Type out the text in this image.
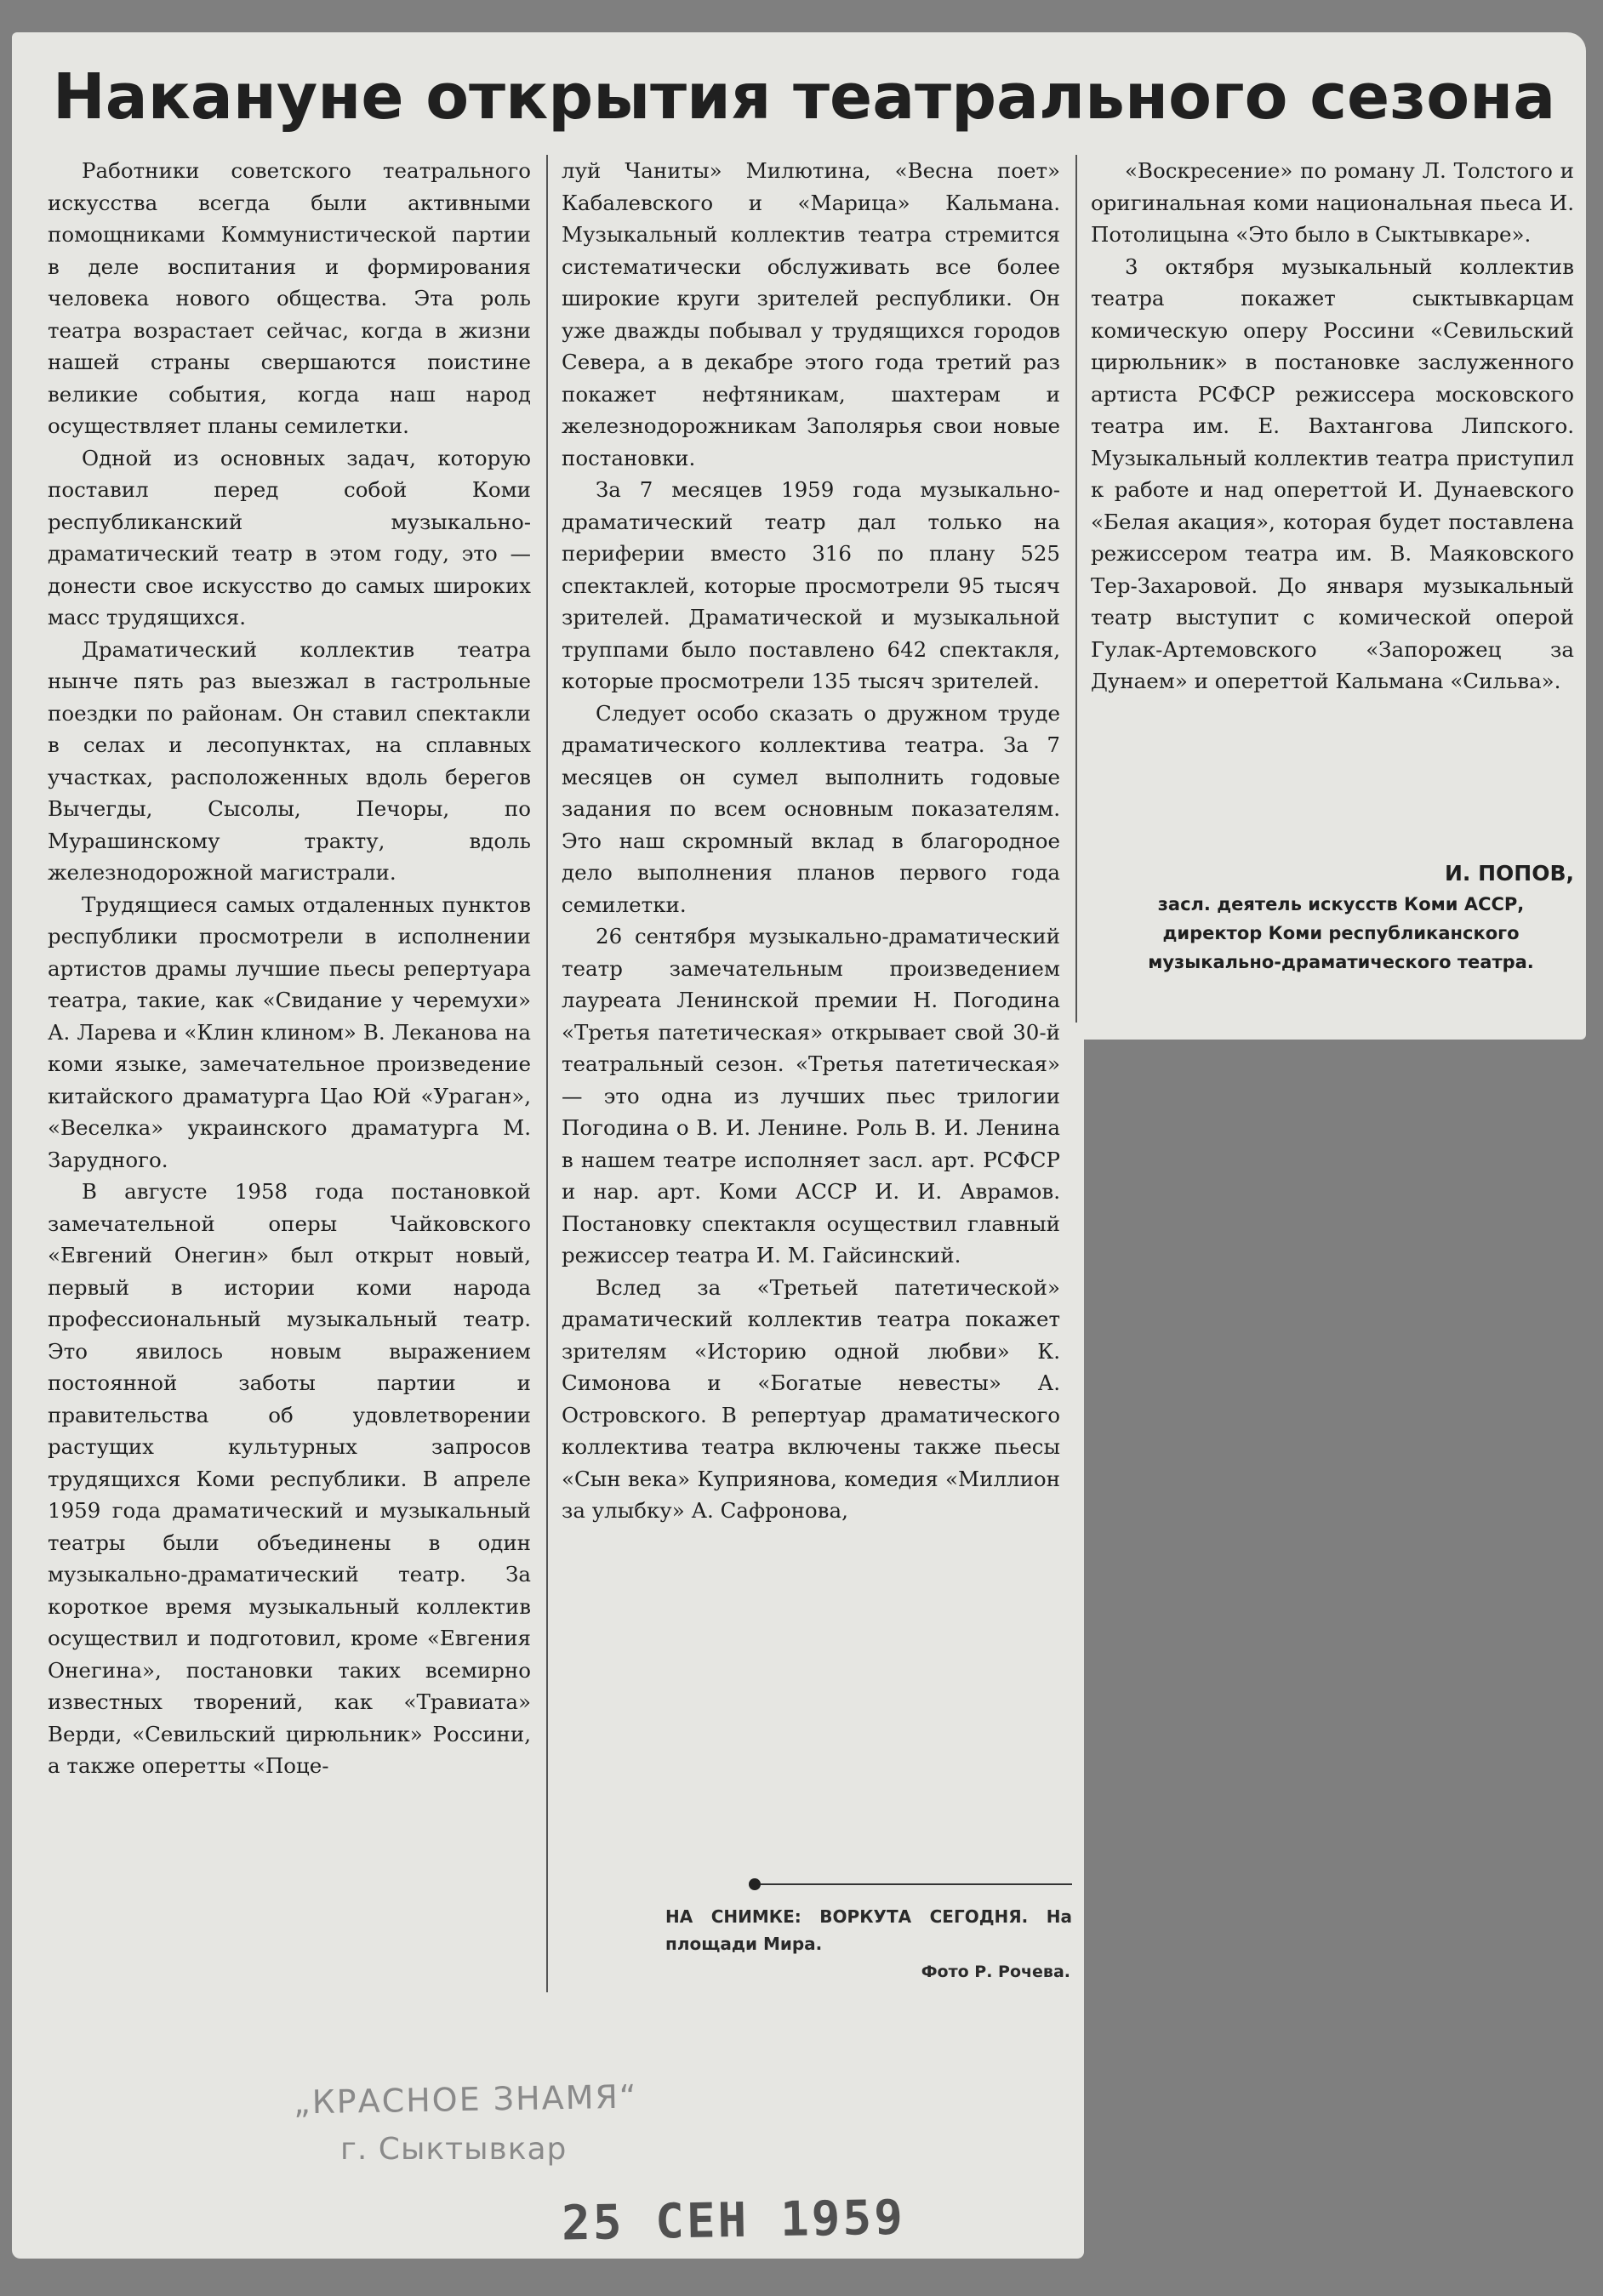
Накануне открытия театрального сезона

Работники советского театрального искусства всегда были активными помощниками Коммунистической партии в деле воспитания и формирования человека нового общества. Эта роль театра возрастает сейчас, когда в жизни нашей страны свершаются поистине великие события, когда наш народ осуществляет планы семилетки.

Одной из основных задач, которую поставил перед собой Коми республиканский музыкально-драматический театр в этом году, это — донести свое искусство до самых широких масс трудящихся.

Драматический коллектив театра нынче пять раз выезжал в гастрольные поездки по районам. Он ставил спектакли в селах и лесопунктах, на сплавных участках, расположенных вдоль берегов Вычегды, Сысолы, Печоры, по Мурашинскому тракту, вдоль железнодорожной магистрали.

Трудящиеся самых отдаленных пунктов республики просмотрели в исполнении артистов драмы лучшие пьесы репертуара театра, такие, как «Свидание у черемухи» А. Ларева и «Клин клином» В. Леканова на коми языке, замечательное произведение китайского драматурга Цао Юй «Ураган», «Веселка» украинского драматурга М. Зарудного.

В августе 1958 года постановкой замечательной оперы Чайковского «Евгений Онегин» был открыт новый, первый в истории коми народа профессиональный музыкальный театр. Это явилось новым выражением постоянной заботы партии и правительства об удовлетворении растущих культурных запросов трудящихся Коми республики. В апреле 1959 года драматический и музыкальный театры были объединены в один музыкально-драматический театр. За короткое время музыкальный коллектив осуществил и подготовил, кроме «Евгения Онегина», постановки таких всемирно известных творений, как «Травиата» Верди, «Севильский цирюльник» Россини, а также оперетты «Поце-

луй Чаниты» Милютина, «Весна поет» Кабалевского и «Марица» Кальмана. Музыкальный коллектив театра стремится систематически обслуживать все более широкие круги зрителей республики. Он уже дважды побывал у трудящихся городов Севера, а в декабре этого года третий раз покажет нефтяникам, шахтерам и железнодорожникам Заполярья свои новые постановки.

За 7 месяцев 1959 года музыкально-драматический театр дал только на периферии вместо 316 по плану 525 спектаклей, которые просмотрели 95 тысяч зрителей. Драматической и музыкальной труппами было поставлено 642 спектакля, которые просмотрели 135 тысяч зрителей.

Следует особо сказать о дружном труде драматического коллектива театра. За 7 месяцев он сумел выполнить годовые задания по всем основным показателям. Это наш скромный вклад в благородное дело выполнения планов первого года семилетки.

26 сентября музыкально-драматический театр замечательным произведением лауреата Ленинской премии Н. Погодина «Третья патетическая» открывает свой 30-й театральный сезон. «Третья патетическая» — это одна из лучших пьес трилогии Погодина о В. И. Ленине. Роль В. И. Ленина в нашем театре исполняет засл. арт. РСФСР и нар. арт. Коми АССР И. И. Аврамов. Постановку спектакля осуществил главный режиссер театра И. М. Гайсинский.

Вслед за «Третьей патетической» драматический коллектив театра покажет зрителям «Историю одной любви» К. Симонова и «Богатые невесты» А. Островского. В репертуар драматического коллектива театра включены также пьесы «Сын века» Куприянова, комедия «Миллион за улыбку» А. Сафронова,

«Воскресение» по роману Л. Толстого и оригинальная коми национальная пьеса И. Потолицына «Это было в Сыктывкаре».

3 октября музыкальный коллектив театра покажет сыктывкарцам комическую оперу Россини «Севильский цирюльник» в постановке заслуженного артиста РСФСР режиссера московского театра им. Е. Вахтангова Липского. Музыкальный коллектив театра приступил к работе и над опереттой И. Дунаевского «Белая акация», которая будет поставлена режиссером театра им. В. Маяковского Тер-Захаровой. До января музыкальный театр выступит с комической оперой Гулак-Артемовского «Запорожец за Дунаем» и опереттой Кальмана «Сильва».

И. ПОПОВ,
засл. деятель искусств Коми АССР, директор Коми республиканского музыкально-драматического театра.
НА СНИМКЕ: ВОРКУТА СЕГОДНЯ. На площади Мира.
Фото Р. Рочева.
„КРАСНОЕ ЗНАМЯ“
г. Сыктывкар
25 СЕН 1959
